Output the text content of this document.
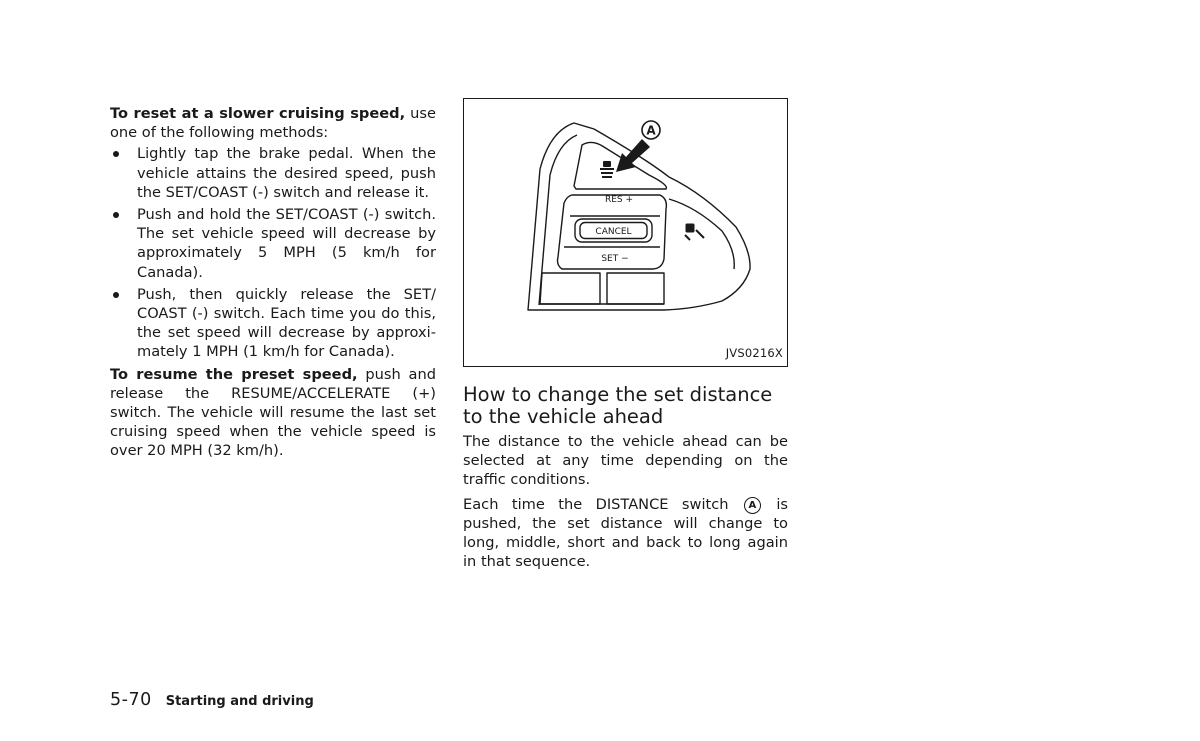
To reset at a slower cruising speed, use one of the following methods:

Lightly tap the brake pedal. When the vehicle attains the desired speed, push the SET/COAST (-) switch and release it.
Push and hold the SET/COAST (-) switch. The set vehicle speed will decrease by approximately 5 MPH (5 km/h for Canada).
Push, then quickly release the SET/ COAST (-) switch. Each time you do this, the set speed will decrease by approxi- mately 1 MPH (1 km/h for Canada).

To resume the preset speed, push and release the RESUME/ACCELERATE (+) switch. The vehicle will resume the last set cruising speed when the vehicle speed is over 20 MPH (32 km/h).

A
RES +
CANCEL
SET −
JVS0216X
How to change the set distance to the vehicle ahead

The distance to the vehicle ahead can be selected at any time depending on the traffic conditions.

Each time the DISTANCE switch A is pushed, the set distance will change to long, middle, short and back to long again in that sequence.

5-70 Starting and driving
